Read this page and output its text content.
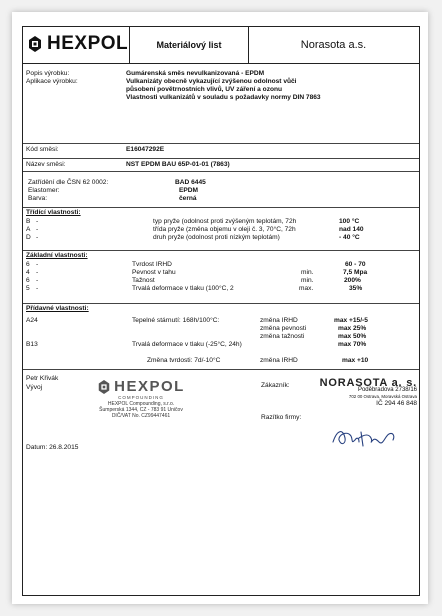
HEXPOL	Materiálový list	Norasota a.s.
Popis výrobku:	Gumárenská směs nevulkanizovaná - EPDM
Aplikace výrobku:	Vulkanizáty obecně vykazující zvýšenou odolnost vůči
působení povětrnostních vlivů, UV záření a ozonu
Vlastnosti vulkanizátů v souladu s požadavky normy DIN 7863
Kód směsi:	E16047292E
Název směsi:	NST EPDM BAU 65P-01-01 (7863)
Zatřídění dle ČSN 62 0002:	BAD 6445
Elastomer:	EPDM
Barva:	černá
Třídící vlastnosti:
B -	typ pryže (odolnost proti zvýšeným teplotám, 72h	100 °C
A -	třída pryže (změna objemu v oleji č. 3, 70°C, 72h	nad 140
D -	druh pryže (odolnost proti nízkým teplotám)	- 40 °C
Základní vlastnosti:
6 -	Tvrdost IRHD	60 - 70
4 -	Pevnost v tahu	min.	7,5 Mpa
6 -	Tažnost	min.	200%
5 -	Trvalá deformace v tlaku (100°C, 2	max.	35%
Přídavné vlastnosti:
A24	Tepelné stárnutí: 168h/100°C:	změna IRHD	max +15/-5
změna pevnosti	max 25%
změna tažnosti	max 50%
B13	Trvalá deformace v tlaku (-25°C, 24h)	max 70%
Změna tvrdosti: 7d/-10°C	změna IRHD	max +10
Petr Křivák
Vývoj	HEXPOL
COMPOUNDING
HEXPOL Compounding, s.r.o.
Šumperská 1344, CZ - 783 91 Uničov
DIČ/VAT No. CZ99447461
Zákazník:	NORASOTA a. s.
Poděbradova 2738/16
702 00 Ostrava, Moravská Ostrava
IČ 294 46 848
Razítko firmy:
Datum: 26.8.2015
